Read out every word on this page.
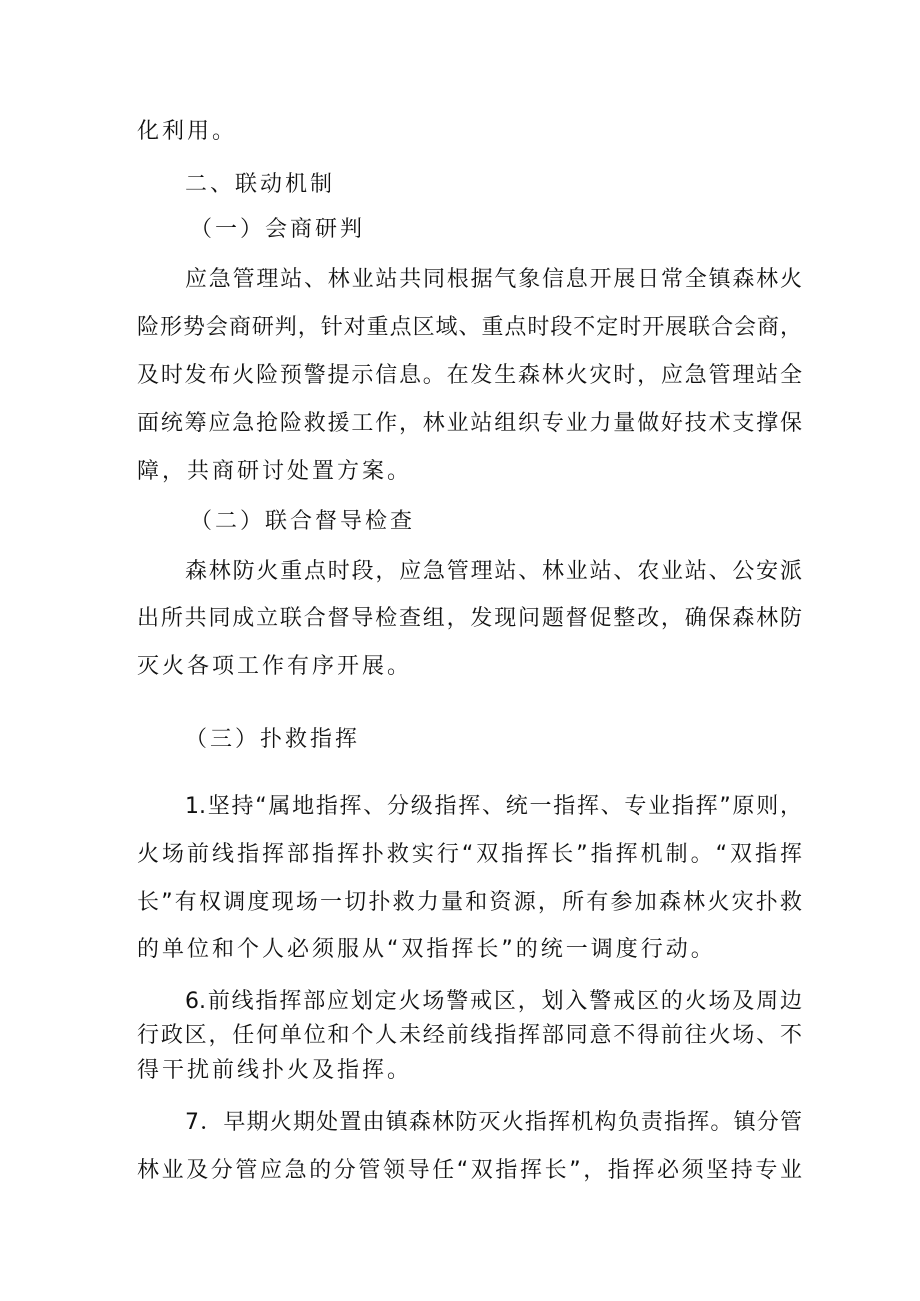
化利用。
二、联动机制
（一）会商研判
应急管理站、林业站共同根据气象信息开展日常全镇森林火
险形势会商研判，针对重点区域、重点时段不定时开展联合会商，
及时发布火险预警提示信息。在发生森林火灾时，应急管理站全
面统筹应急抢险救援工作，林业站组织专业力量做好技术支撑保
障，共商研讨处置方案。
（二）联合督导检查
森林防火重点时段，应急管理站、林业站、农业站、公安派
出所共同成立联合督导检查组，发现问题督促整改，确保森林防
灭火各项工作有序开展。
（三）扑救指挥
1.坚持“属地指挥、分级指挥、统一指挥、专业指挥”原则，
火场前线指挥部指挥扑救实行“双指挥长”指挥机制。“双指挥
长”有权调度现场一切扑救力量和资源，所有参加森林火灾扑救
的单位和个人必须服从“双指挥长”的统一调度行动。
6.前线指挥部应划定火场警戒区，划入警戒区的火场及周边
行政区，任何单位和个人未经前线指挥部同意不得前往火场、不
得干扰前线扑火及指挥。
7．早期火期处置由镇森林防灭火指挥机构负责指挥。镇分管
林业及分管应急的分管领导任“双指挥长”，指挥必须坚持专业
